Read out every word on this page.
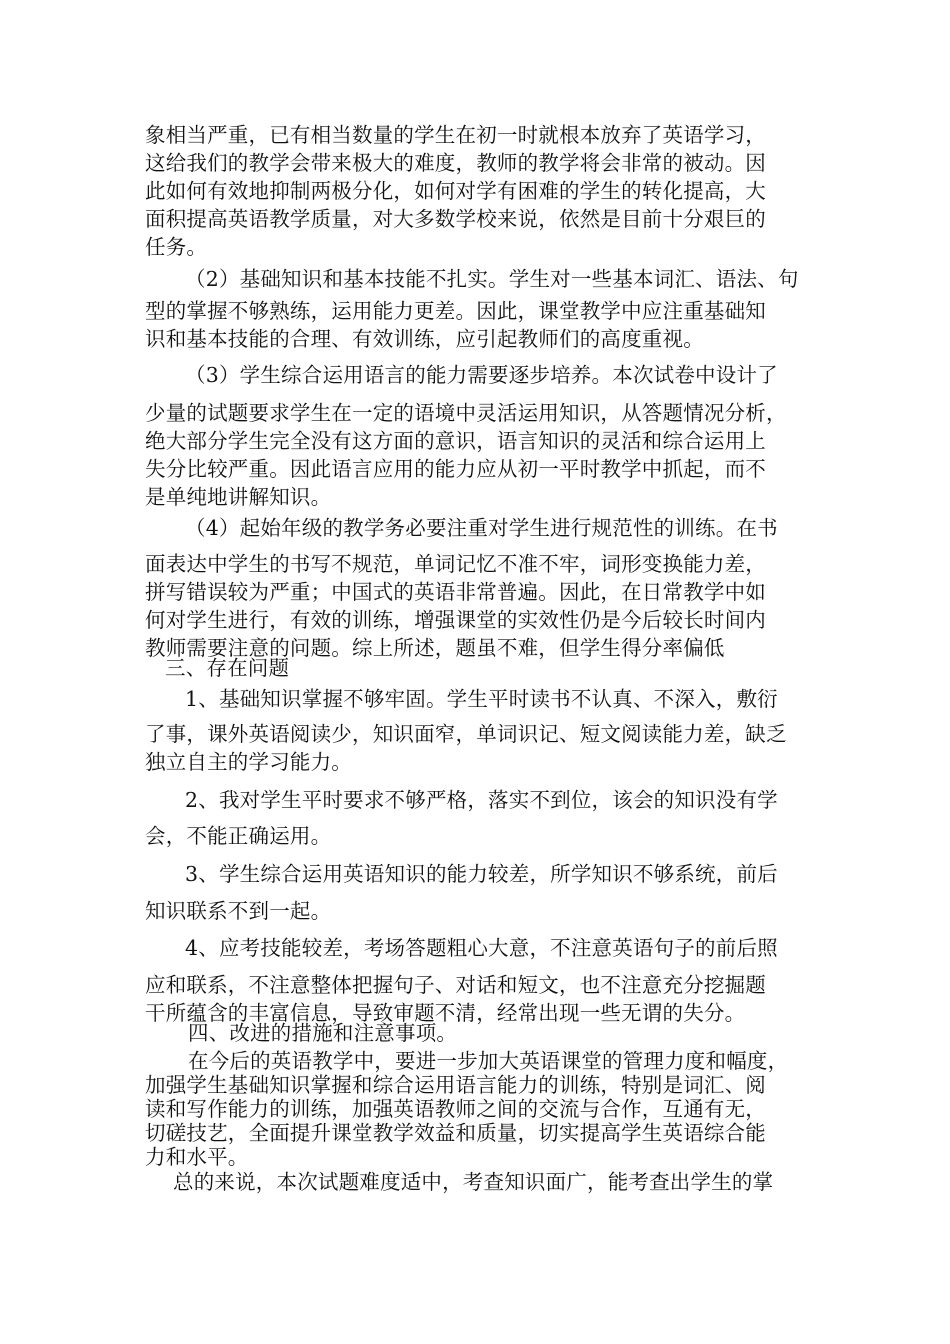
象相当严重，已有相当数量的学生在初一时就根本放弃了英语学习，
这给我们的教学会带来极大的难度，教师的教学将会非常的被动。因
此如何有效地抑制两极分化，如何对学有困难的学生的转化提高，大
面积提高英语教学质量，对大多数学校来说，依然是目前十分艰巨的
任务。
（2）基础知识和基本技能不扎实。学生对一些基本词汇、语法、句
型的掌握不够熟练，运用能力更差。因此，课堂教学中应注重基础知
识和基本技能的合理、有效训练，应引起教师们的高度重视。
（3）学生综合运用语言的能力需要逐步培养。本次试卷中设计了
少量的试题要求学生在一定的语境中灵活运用知识，从答题情况分析，
绝大部分学生完全没有这方面的意识，语言知识的灵活和综合运用上
失分比较严重。因此语言应用的能力应从初一平时教学中抓起，而不
是单纯地讲解知识。
（4）起始年级的教学务必要注重对学生进行规范性的训练。在书
面表达中学生的书写不规范，单词记忆不准不牢，词形变换能力差，
拼写错误较为严重；中国式的英语非常普遍。因此，在日常教学中如
何对学生进行，有效的训练，增强课堂的实效性仍是今后较长时间内
教师需要注意的问题。综上所述，题虽不难，但学生得分率偏低
三、存在问题
1、基础知识掌握不够牢固。学生平时读书不认真、不深入，敷衍
了事，课外英语阅读少，知识面窄，单词识记、短文阅读能力差，缺乏
独立自主的学习能力。
2、我对学生平时要求不够严格，落实不到位，该会的知识没有学
会，不能正确运用。
3、学生综合运用英语知识的能力较差，所学知识不够系统，前后
知识联系不到一起。
4、应考技能较差，考场答题粗心大意，不注意英语句子的前后照
应和联系，不注意整体把握句子、对话和短文，也不注意充分挖掘题
干所蕴含的丰富信息，导致审题不清，经常出现一些无谓的失分。
四、改进的措施和注意事项。
在今后的英语教学中，要进一步加大英语课堂的管理力度和幅度，
加强学生基础知识掌握和综合运用语言能力的训练，特别是词汇、阅
读和写作能力的训练，加强英语教师之间的交流与合作，互通有无，
切磋技艺，全面提升课堂教学效益和质量，切实提高学生英语综合能
力和水平。
总的来说，本次试题难度适中，考查知识面广，能考查出学生的掌
